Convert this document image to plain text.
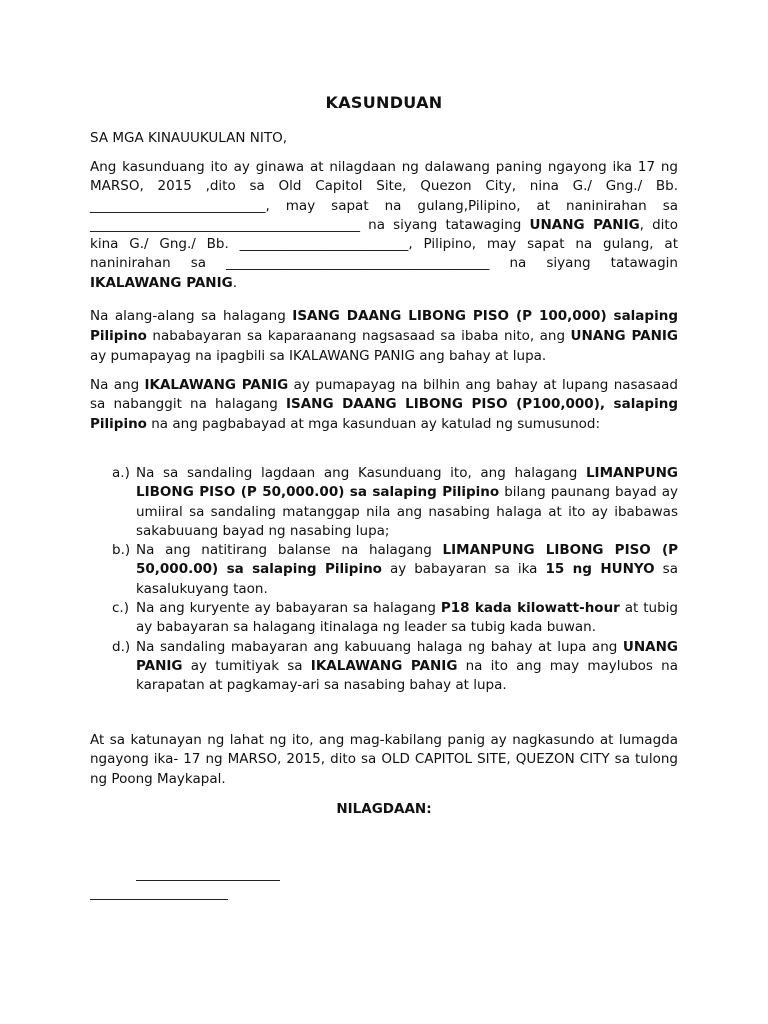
KASUNDUAN
SA MGA KINAUUKULAN NITO,
Ang kasunduang ito ay ginawa at nilagdaan ng dalawang paning ngayong ika 17 ng MARSO, 2015 ,dito sa Old Capitol Site, Quezon City, nina G./ Gng./ Bb. __________________________, may sapat na gulang,Pilipino, at naninirahan sa ________________________________________ na siyang tatawaging UNANG PANIG, dito kina G./ Gng./ Bb. _________________________, Pilipino, may sapat na gulang, at naninirahan sa _______________________________________ na siyang tatawagin IKALAWANG PANIG.
Na alang-alang sa halagang ISANG DAANG LIBONG PISO (P 100,000) salaping Pilipino nababayaran sa kaparaanang nagsasaad sa ibaba nito, ang UNANG PANIG ay pumapayag na ipagbili sa IKALAWANG PANIG ang bahay at lupa.
Na ang IKALAWANG PANIG ay pumapayag na bilhin ang bahay at lupang nasasaad sa nabanggit na halagang ISANG DAANG LIBONG PISO (P100,000), salaping Pilipino na ang pagbabayad at mga kasunduan ay katulad ng sumusunod:
a.) Na sa sandaling lagdaan ang Kasunduang ito, ang halagang LIMANPUNG LIBONG PISO (P 50,000.00) sa salaping Pilipino bilang paunang bayad ay umiiral sa sandaling matanggap nila ang nasabing halaga at ito ay ibabawas sakabuuang bayad ng nasabing lupa;
b.) Na ang natitirang balanse na halagang LIMANPUNG LIBONG PISO (P 50,000.00) sa salaping Pilipino ay babayaran sa ika 15 ng HUNYO sa kasalukuyang taon.
c.) Na ang kuryente ay babayaran sa halagang P18 kada kilowatt-hour at tubig ay babayaran sa halagang itinalaga ng leader sa tubig kada buwan.
d.) Na sandaling mabayaran ang kabuuang halaga ng bahay at lupa ang UNANG PANIG ay tumitiyak sa IKALAWANG PANIG na ito ang may maylubos na karapatan at pagkamay-ari sa nasabing bahay at lupa.
At sa katunayan ng lahat ng ito, ang mag-kabilang panig ay nagkasundo at lumagda ngayong ika- 17 ng MARSO, 2015, dito sa OLD CAPITOL SITE, QUEZON CITY sa tulong ng Poong Maykapal.
NILAGDAAN:
